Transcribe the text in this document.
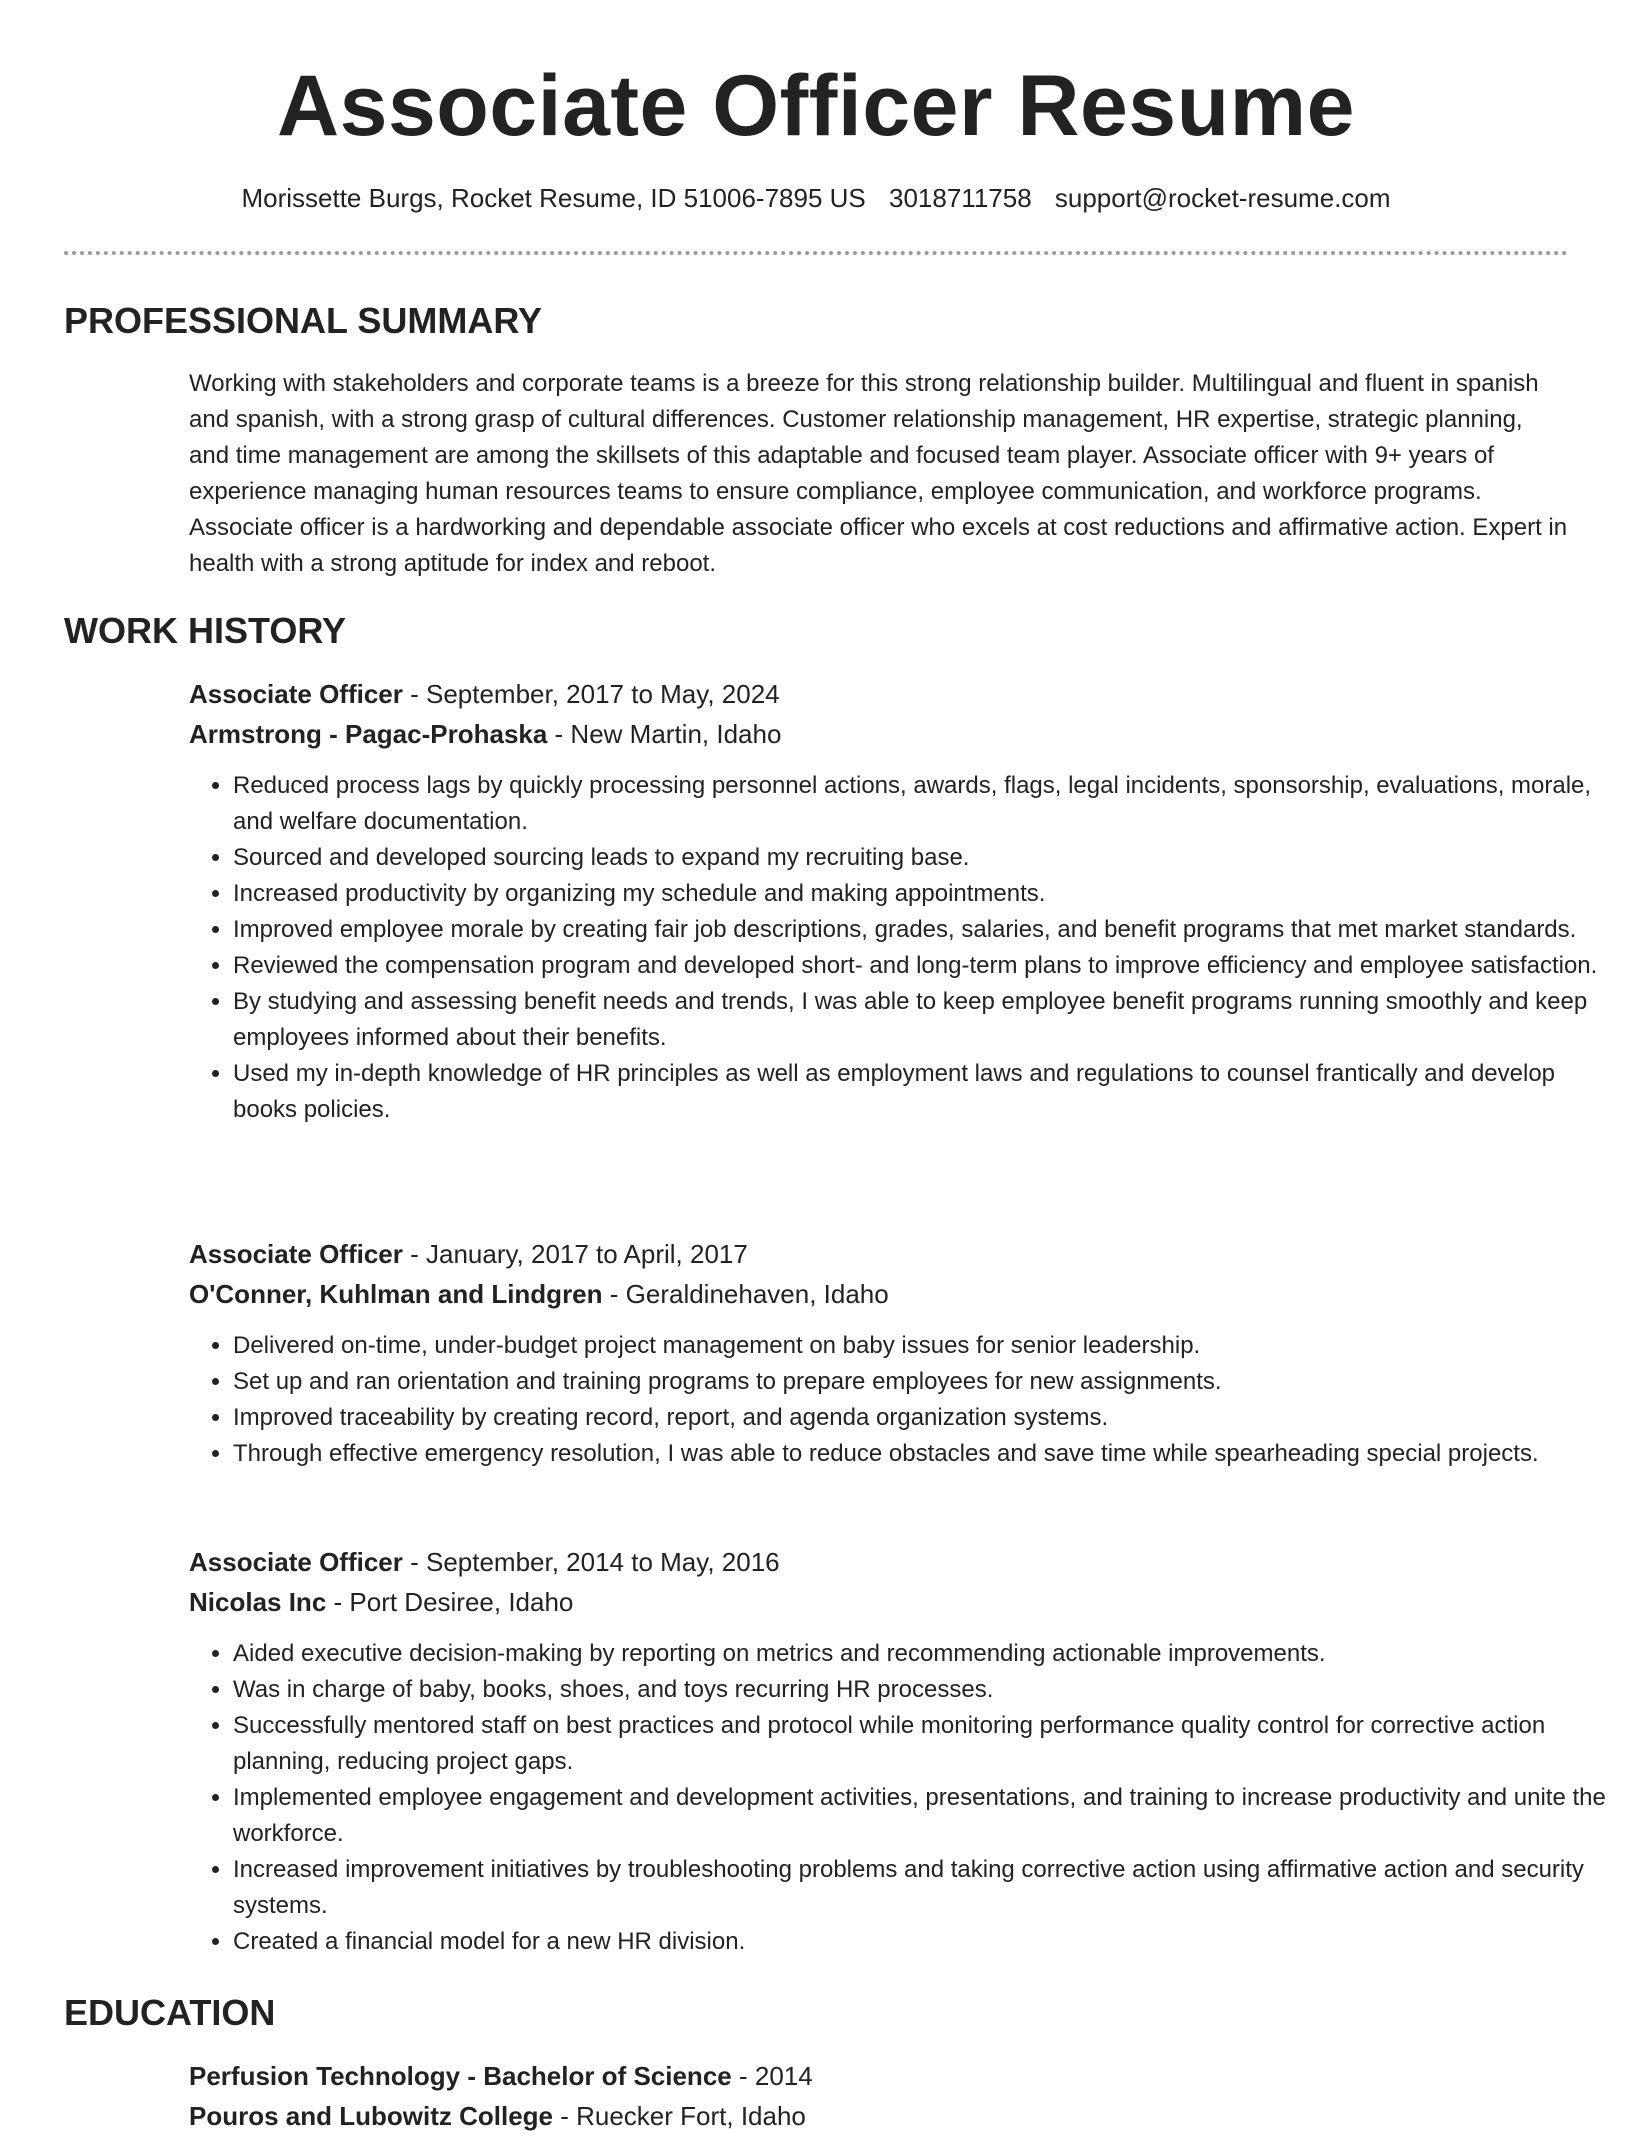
Associate Officer Resume
Morissette Burgs, Rocket Resume, ID 51006-7895 US 3018711758 support@rocket-resume.com
PROFESSIONAL SUMMARY

Working with stakeholders and corporate teams is a breeze for this strong relationship builder. Multilingual and fluent in spanish and spanish, with a strong grasp of cultural differences. Customer relationship management, HR expertise, strategic planning, and time management are among the skillsets of this adaptable and focused team player. Associate officer with 9+ years of experience managing human resources teams to ensure compliance, employee communication, and workforce programs. Associate officer is a hardworking and dependable associate officer who excels at cost reductions and affirmative action. Expert in health with a strong aptitude for index and reboot.

WORK HISTORY
Associate Officer - September, 2017 to May, 2024
Armstrong - Pagac-Prohaska - New Martin, Idaho
• Reduced process lags by quickly processing personnel actions, awards, flags, legal incidents, sponsorship, evaluations, morale, and welfare documentation.
• Sourced and developed sourcing leads to expand my recruiting base.
• Increased productivity by organizing my schedule and making appointments.
• Improved employee morale by creating fair job descriptions, grades, salaries, and benefit programs that met market standards.
• Reviewed the compensation program and developed short- and long-term plans to improve efficiency and employee satisfaction.
• By studying and assessing benefit needs and trends, I was able to keep employee benefit programs running smoothly and keep employees informed about their benefits.
• Used my in-depth knowledge of HR principles as well as employment laws and regulations to counsel frantically and develop books policies.
Associate Officer - January, 2017 to April, 2017
O'Conner, Kuhlman and Lindgren - Geraldinehaven, Idaho
• Delivered on-time, under-budget project management on baby issues for senior leadership.
• Set up and ran orientation and training programs to prepare employees for new assignments.
• Improved traceability by creating record, report, and agenda organization systems.
• Through effective emergency resolution, I was able to reduce obstacles and save time while spearheading special projects.
Associate Officer - September, 2014 to May, 2016
Nicolas Inc - Port Desiree, Idaho
• Aided executive decision-making by reporting on metrics and recommending actionable improvements.
• Was in charge of baby, books, shoes, and toys recurring HR processes.
• Successfully mentored staff on best practices and protocol while monitoring performance quality control for corrective action planning, reducing project gaps.
• Implemented employee engagement and development activities, presentations, and training to increase productivity and unite the workforce.
• Increased improvement initiatives by troubleshooting problems and taking corrective action using affirmative action and security systems.
• Created a financial model for a new HR division.
EDUCATION
Perfusion Technology - Bachelor of Science - 2014
Pouros and Lubowitz College - Ruecker Fort, Idaho
